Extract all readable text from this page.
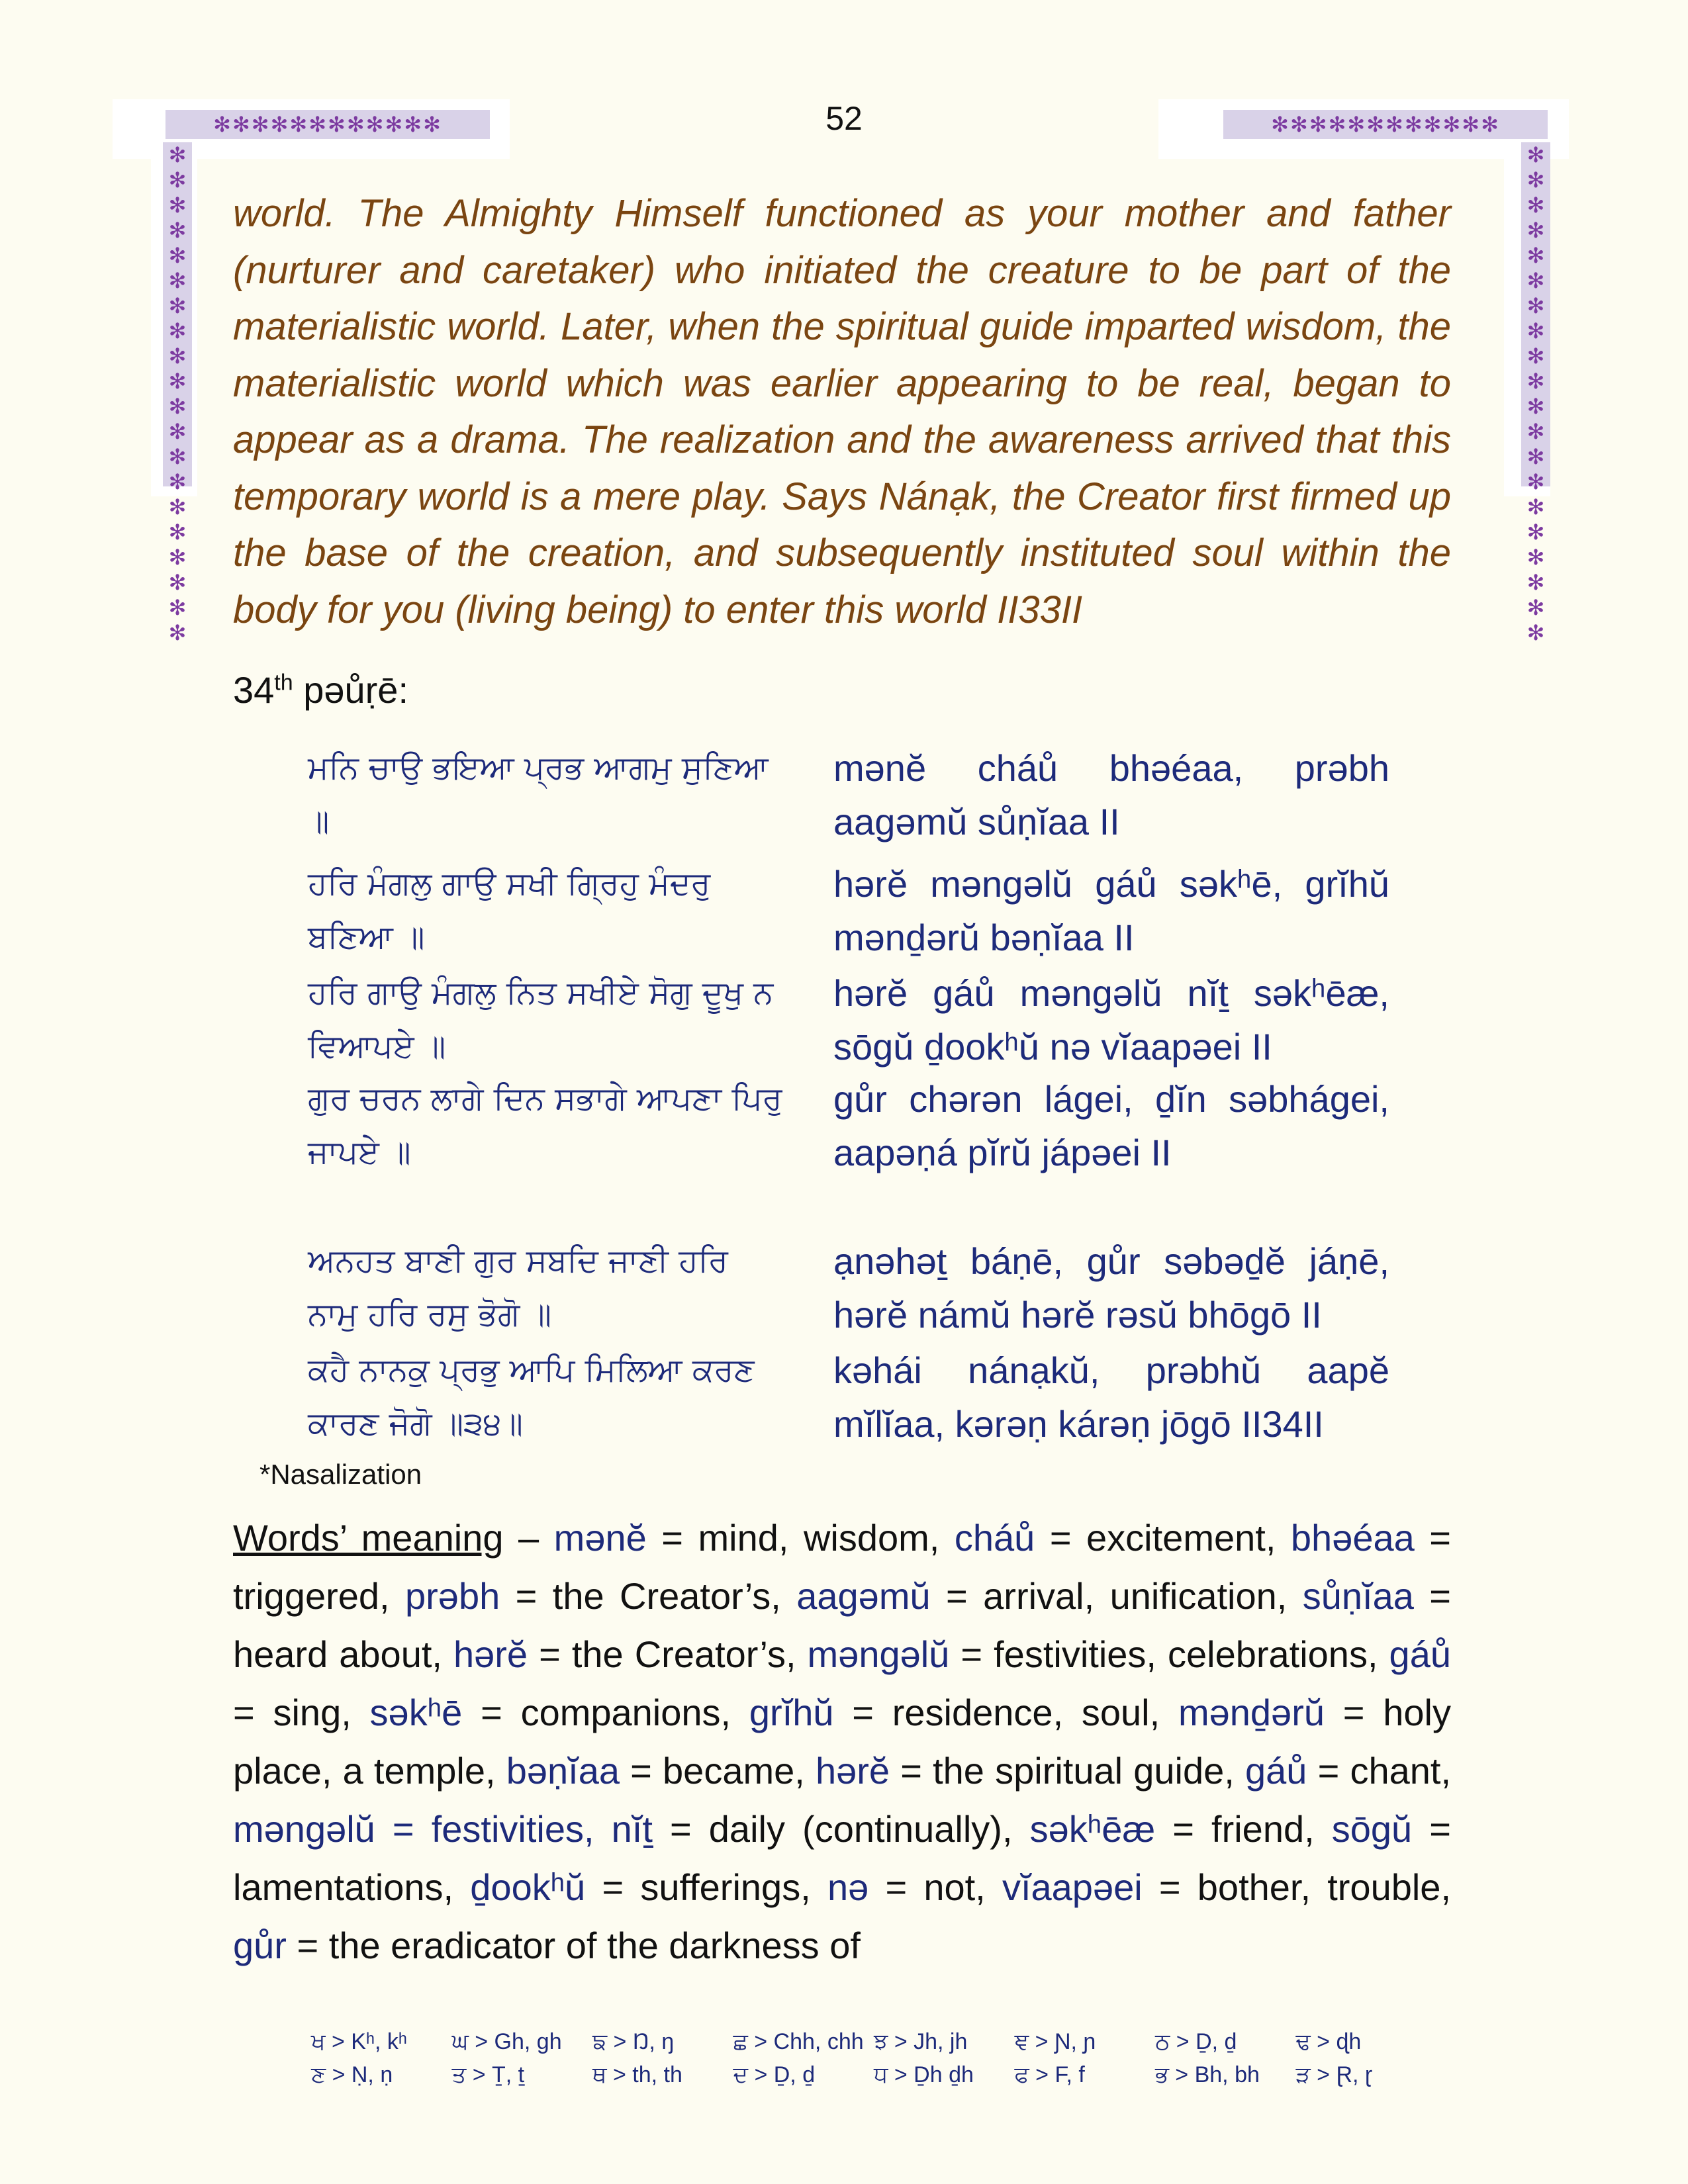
✻✻✻✻✻✻✻✻✻✻✻✻
✻✻✻✻✻✻✻✻✻✻✻✻✻✻✻✻✻✻✻✻
✻✻✻✻✻✻✻✻✻✻✻✻
✻✻✻✻✻✻✻✻✻✻✻✻✻✻✻✻✻✻✻✻
52
world. The Almighty Himself functioned as your mother and father (nurturer and caretaker) who initiated the creature to be part of the materialistic world. Later, when the spiritual guide imparted wisdom, the materialistic world which was earlier appearing to be real, began to appear as a drama. The realization and the awareness arrived that this temporary world is a mere play. Says Nánạk, the Creator first firmed up the base of the creation, and subsequently instituted soul within the body for you (living being) to enter this world II33II
34th pəůṛē:
ਮਨਿ ਚਾਉ ਭਇਆ ਪ੍ਰਭ ਆਗਮੁ ਸੁਣਿਆ ॥
mənĕ cháů bhəéaa, prəbh aagəmŭ sůṇĭaa II
ਹਰਿ ਮੰਗਲੁ ਗਾਉ ਸਖੀ ਗ੍ਰਿਹੁ ਮੰਦਰੁ ਬਣਿਆ ॥
hərĕ mənɡəlŭ gáů səkʰē, grĭhŭ mənḏərŭ bəṇĭaa II
ਹਰਿ ਗਾਉ ਮੰਗਲੁ ਨਿਤ ਸਖੀਏ ਸੋਗੁ ਦੂਖੁ ਨ ਵਿਆਪਏ ॥
hərĕ gáů mənɡəlŭ nĭṯ səkʰēæ, sōgŭ ḏookʰŭ nə vĭaapəei II
ਗੁਰ ਚਰਨ ਲਾਗੇ ਦਿਨ ਸਭਾਗੇ ਆਪਣਾ ਪਿਰੁ ਜਾਪਏ ॥
gůr chərən lágei, ḏĭn səbhágei, aapəṇá pĭrŭ jápəei II
ਅਨਹਤ ਬਾਣੀ ਗੁਰ ਸਬਦਿ ਜਾਣੀ ਹਰਿ ਨਾਮੁ ਹਰਿ ਰਸੁ ਭੋਗੋ ॥
ạnəhəṯ báṇē, gůr səbəḏĕ jáṇē, hərĕ námŭ hərĕ rəsŭ bhōgō II
ਕਹੈ ਨਾਨਕੁ ਪ੍ਰਭੁ ਆਪਿ ਮਿਲਿਆ ਕਰਣ ਕਾਰਣ ਜੋਗੋ ॥੩੪॥
kəhái nánạkŭ, prəbhŭ aapĕ mĭlĭaa, kərəṇ kárəṇ jōgō II34II
*Nasalization
Words’ meaning – mənĕ = mind, wisdom, cháů = excitement, bhəéaa = triggered, prəbh = the Creator’s, aagəmŭ = arrival, unification, sůṇĭaa = heard about, hərĕ = the Creator’s, mənɡəlŭ = festivities, celebrations, gáů = sing, səkʰē = companions, grĭhŭ = residence, soul, mənḏərŭ = holy place, a temple, bəṇĭaa = became, hərĕ = the spiritual guide, gáů = chant, mənɡəlŭ = festivities, nĭṯ = daily (continually), səkʰēæ = friend, sōgŭ = lamentations, ḏookʰŭ = sufferings, nə = not, vĭaapəei = bother, trouble, gůr = the eradicator of the darkness of
ਖ > Kʰ, kʰ	ਘ > Gh, gh	ਙ > Ŋ, ŋ	ਛ > Chh, chh ਝ > Jh, jh	ਞ > Ɲ, ɲ	ਠ > Ḏ, ḏ	ਢ > ɖh
ਣ > Ṇ, ṇ	ਤ > Ṯ, ṯ	ਥ > th, th	ਦ > Ḏ, ḏ	ਧ > Ḏh ḏh	ਫ > F, f	ਭ > Bh, bh	ੜ > Ɽ, ɽ
